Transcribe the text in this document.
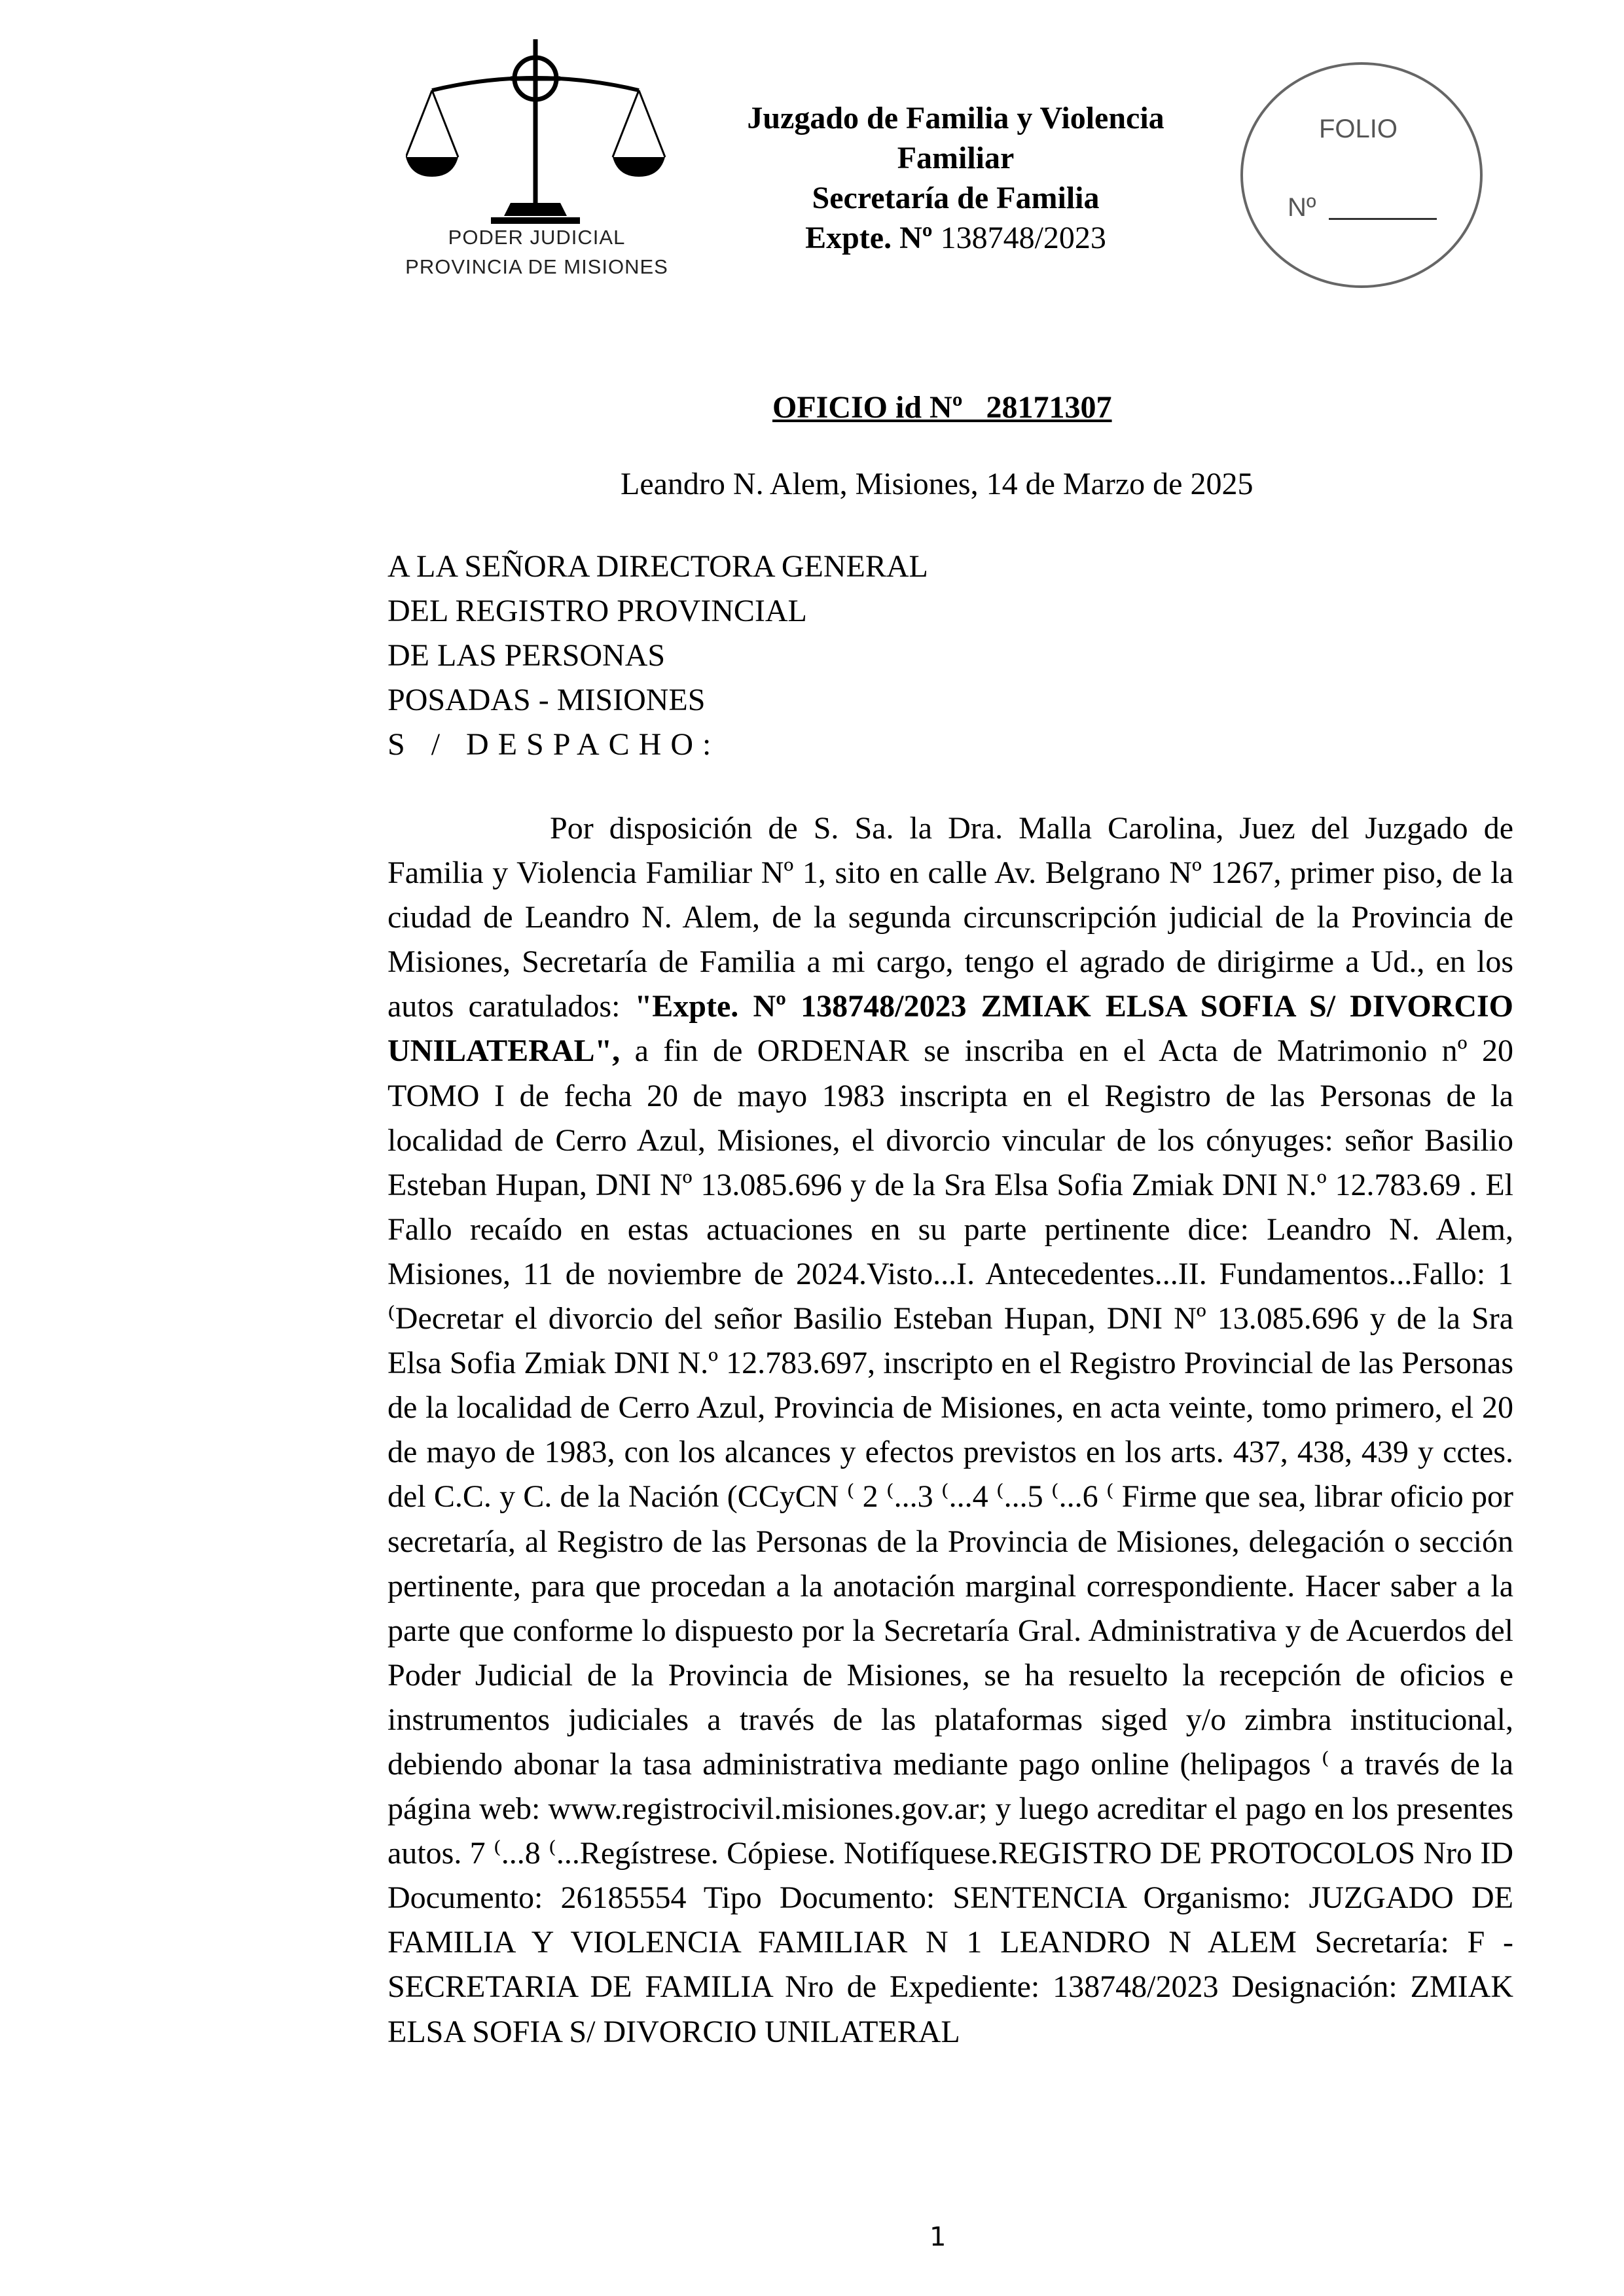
PODER JUDICIAL
PROVINCIA DE MISIONES
Juzgado de Familia y Violencia
Familiar
Secretaría de Familia
Expte. Nº 138748/2023
FOLIO
Nº
OFICIO id Nº   28171307
Leandro N. Alem, Misiones, 14 de Marzo de 2025
A LA SEÑORA DIRECTORA GENERAL
DEL REGISTRO PROVINCIAL
DE LAS PERSONAS
POSADAS - MISIONES
S / DESPACHO:
Por disposición de S. Sa. la Dra. Malla Carolina, Juez del Juzgado de Familia y Violencia Familiar Nº 1, sito en calle Av. Belgrano Nº 1267, primer piso, de la ciudad de Leandro N. Alem, de la segunda circunscripción judicial de la Provincia de Misiones, Secretaría de Familia a mi cargo, tengo el agrado de dirigirme a Ud., en los autos caratulados: "Expte. Nº 138748/2023 ZMIAK ELSA SOFIA S/ DIVORCIO UNILATERAL", a fin de ORDENAR se inscriba en el Acta de Matrimonio nº 20 TOMO I de fecha 20 de mayo 1983 inscripta en el Registro de las Personas de la localidad de Cerro Azul, Misiones, el divorcio vincular de los cónyuges: señor Basilio Esteban Hupan, DNI Nº 13.085.696 y de la Sra Elsa Sofia Zmiak DNI N.º 12.783.69 . El Fallo recaído en estas actuaciones en su parte pertinente dice: Leandro N. Alem, Misiones, 11 de noviembre de 2024.Visto...I. Antecedentes...II. Fundamentos...Fallo: 1 ⁽Decretar el divorcio del señor Basilio Esteban Hupan, DNI Nº 13.085.696 y de la Sra Elsa Sofia Zmiak DNI N.º 12.783.697, inscripto en el Registro Provincial de las Personas de la localidad de Cerro Azul, Provincia de Misiones, en acta veinte, tomo primero, el 20 de mayo de 1983, con los alcances y efectos previstos en los arts. 437, 438, 439 y cctes. del C.C. y C. de la Nación (CCyCN ⁽ 2 ⁽...3 ⁽...4 ⁽...5 ⁽...6 ⁽ Firme que sea, librar oficio por secretaría, al Registro de las Personas de la Provincia de Misiones, delegación o sección pertinente, para que procedan a la anotación marginal correspondiente. Hacer saber a la parte que conforme lo dispuesto por la Secretaría Gral. Administrativa y de Acuerdos del Poder Judicial de la Provincia de Misiones, se ha resuelto la recepción de oficios e instrumentos judiciales a través de las plataformas siged y/o zimbra institucional, debiendo abonar la tasa administrativa mediante pago online (helipagos ⁽ a través de la página web: www.registrocivil.misiones.gov.ar; y luego acreditar el pago en los presentes autos. 7 ⁽...8 ⁽...Regístrese. Cópiese. Notifíquese.REGISTRO DE PROTOCOLOS Nro ID Documento: 26185554 Tipo Documento: SENTENCIA Organismo: JUZGADO DE FAMILIA Y VIOLENCIA FAMILIAR N 1 LEANDRO N ALEM Secretaría: F - SECRETARIA DE FAMILIA Nro de Expediente: 138748/2023 Designación: ZMIAK ELSA SOFIA S/ DIVORCIO UNILATERAL
1
